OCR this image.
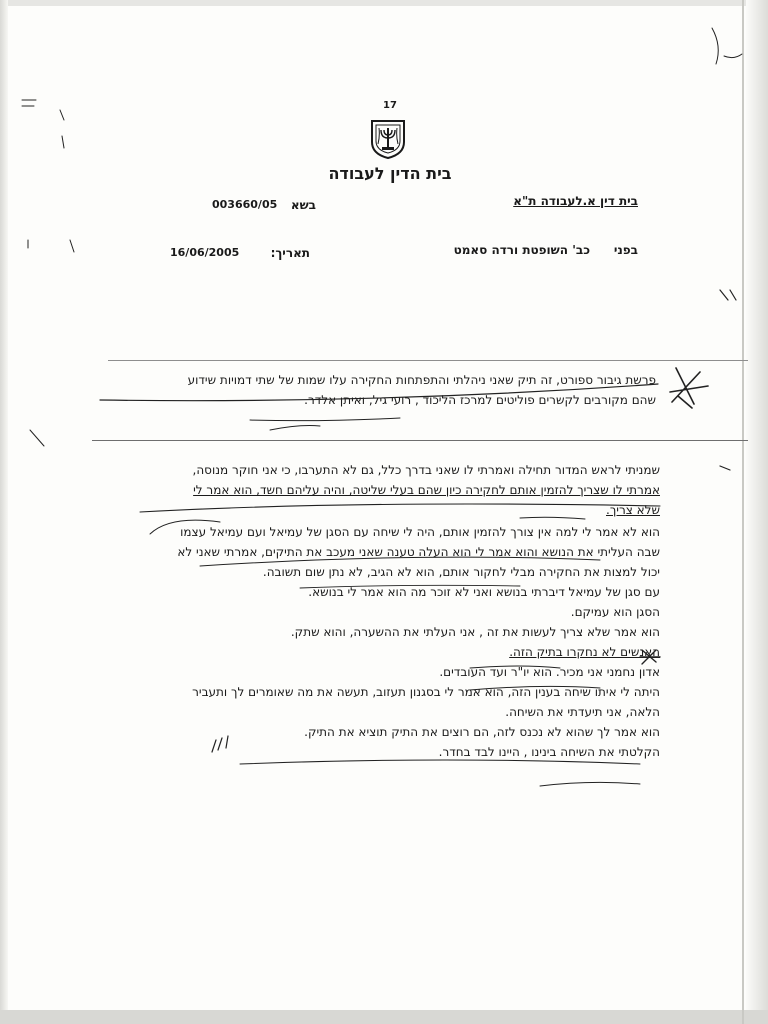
17
בית הדין לעבודה
בית דין א.לעבודה ת"א
בשא
003660/05
בפני
כב' השופטת ורדה סאמט
תאריך:
16/06/2005
פרשת גיבור ספורט, זה תיק שאני ניהלתי והתפתחות החקירה עלו שמות של שתי דמויות שידוע
שהם מקורבים לקשרים פוליטים למרכז הליכוד , רועי גיל, ואיתן אלדר.
שמניתי לראש המדור תחילה ואמרתי לו שאני בדרך כלל, גם לא התערבו, כי אני חוקר מנוסה,
אמרתי לו שצריך להזמין אותם לחקירה כיון שהם בעלי שליטה, והיה עליהם חשד, הוא אמר לי
שלא צריך.
הוא לא אמר לי למה אין צורך להזמין אותם, היה לי שיחה עם הסגן של עמיאל ועם עמיאל עצמו
שבה העליתי את הנושא והוא אמר לי הוא העלה טענה שאני מעכב את התיקים, אמרתי שאני לא
יכול למצות את החקירה מבלי לחקור אותם, הוא לא הגיב, לא נתן שום תשובה.
עם סגן של עמיאל דיברתי בנושא ואני לא זוכר מה הוא אמר לי בנושא.
הסגן הוא עמיקם.
הוא אמר שלא צריך לעשות את זה , אני העלתי את ההשערה, והוא שתק.
האנשים לא נחקרו בתיק הזה.
אדון נחמני אני מכיר. הוא יו"ר ועד העובדים.
היתה לי איתו שיחה בענין הזה, הוא אמר לי בסגנון תעזוב, תעשה את מה שאומרים לך ותעביר
הלאה, אני תיעדתי את השיחה.
הוא אמר לך שהוא לא נכנס לזה, הם רוצים את התיק תוציא את התיק.
הקלטתי את השיחה בינינו , היינו לבד בחדר.
